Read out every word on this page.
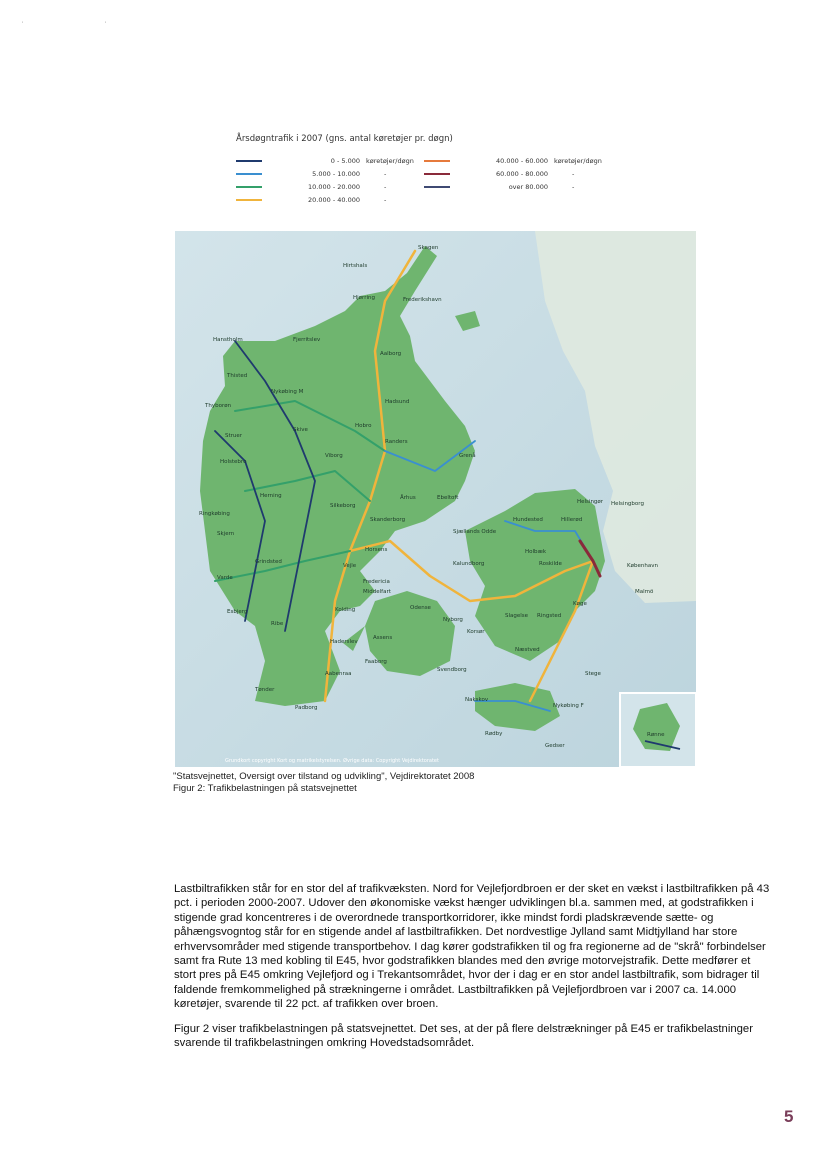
' '
Årsdøgntrafik i 2007 (gns. antal køretøjer pr. døgn)
0 - 5.000 køretøjer/døgn
5.000 - 10.000	-
10.000 - 20.000	-
20.000 - 40.000	-
40.000 - 60.000 køretøjer/døgn
60.000 - 80.000	-
over 80.000	-
Skagen
Hirtshals
Hjørring	Frederikshavn
Hanstholm	Fjerritslev
Aalborg
Thisted
Nykøbing M
Thyborøn
Hadsund
Hobro
Skive
Struer
Randers
Grenå
Viborg
Holstebro
Herning
Silkeborg
Århus	Ebeltoft
Ringkøbing
Skanderborg
Horsens
Skjern
Grindsted
Vejle
Fredericia
Middelfart
Varde
Esbjerg	Kolding
Ribe
Haderslev
Odense
Assens
Nyborg
Korsør
Aabenraa
Faaborg
Svendborg
Tønder
Padborg
Nakskov
Rødby
Gedser
Nykøbing F
Næstved
Stege
Køge
Ringsted
Slagelse
Holbæk
Roskilde
Kalundborg
Sjællands Odde
Hundested	Hillerød
Helsingør Helsingborg
København
Malmö
Rønne
Grundkort copyright Kort og matrikelstyrelsen. Øvrige data: Copyright Vejdirektoratet
"Statsvejnettet, Oversigt over tilstand og udvikling", Vejdirektoratet 2008
Figur 2: Trafikbelastningen på statsvejnettet

Lastbiltrafikken står for en stor del af trafikvæksten. Nord for Vejlefjordbroen er der sket en vækst i lastbiltrafikken på 43 pct. i perioden 2000-2007. Udover den økonomiske vækst hænger udviklingen bl.a. sammen med, at godstrafikken i stigende grad koncentreres i de overordnede transportkorridorer, ikke mindst fordi pladskrævende sætte- og påhængsvogntog står for en stigende andel af lastbiltrafikken. Det nordvestlige Jylland samt Midtjylland har store erhvervsområder med stigende transportbehov. I dag kører godstrafikken til og fra regionerne ad de "skrå" forbindelser samt fra Rute 13 med kobling til E45, hvor godstrafikken blandes med den øvrige motorvejstrafik. Dette medfører et stort pres på E45 omkring Vejlefjord og i Trekantsområdet, hvor der i dag er en stor andel lastbiltrafik, som bidrager til faldende fremkommelighed på strækningerne i området. Lastbiltrafikken på Vejlefjordbroen var i 2007 ca. 14.000 køretøjer, svarende til 22 pct. af trafikken over broen.

Figur 2 viser trafikbelastningen på statsvejnettet. Det ses, at der på flere delstrækninger på E45 er trafikbelastninger svarende til trafikbelastningen omkring Hovedstadsområdet.

5
